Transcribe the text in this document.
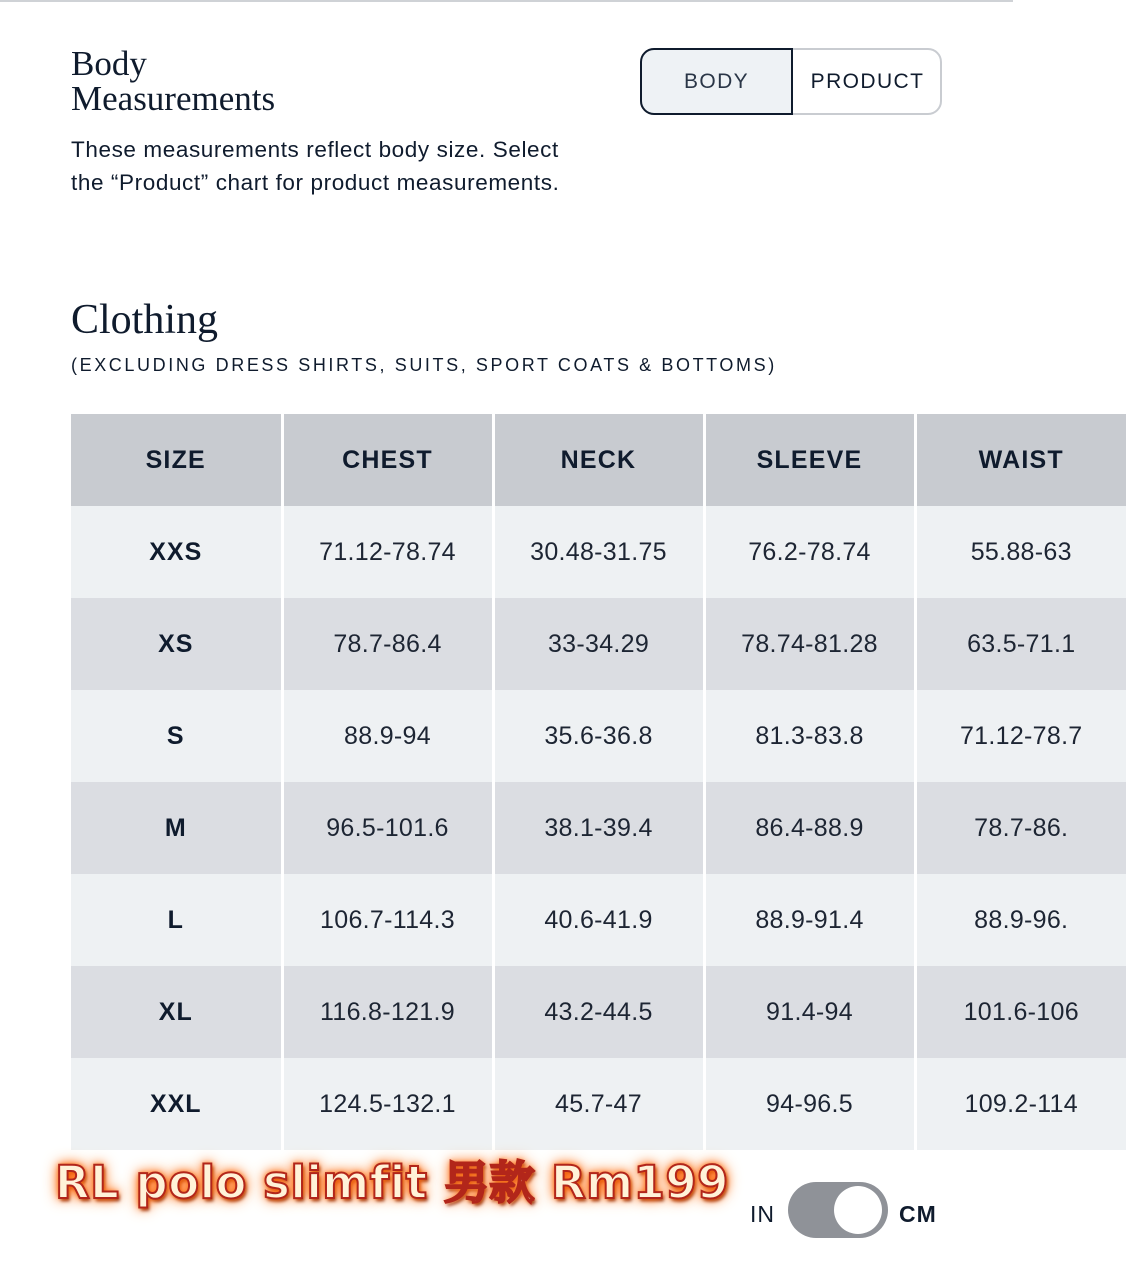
Body Measurements

These measurements reflect body size. Select the “Product” chart for product measurements.

BODY	PRODUCT
Clothing

(EXCLUDING DRESS SHIRTS, SUITS, SPORT COATS & BOTTOMS)

SIZE	CHEST	NECK	SLEEVE	WAIST
XXS	71.12-78.74	30.48-31.75	76.2-78.74	55.88-63
XS	78.7-86.4	33-34.29	78.74-81.28	63.5-71.1
S	88.9-94	35.6-36.8	81.3-83.8	71.12-78.7
M	96.5-101.6	38.1-39.4	86.4-88.9	78.7-86.
L	106.7-114.3	40.6-41.9	88.9-91.4	88.9-96.
XL	116.8-121.9	43.2-44.5	91.4-94	101.6-106
XXL	124.5-132.1	45.7-47	94-96.5	109.2-114

RL polo slimfit 男款 Rm199

IN	CM
